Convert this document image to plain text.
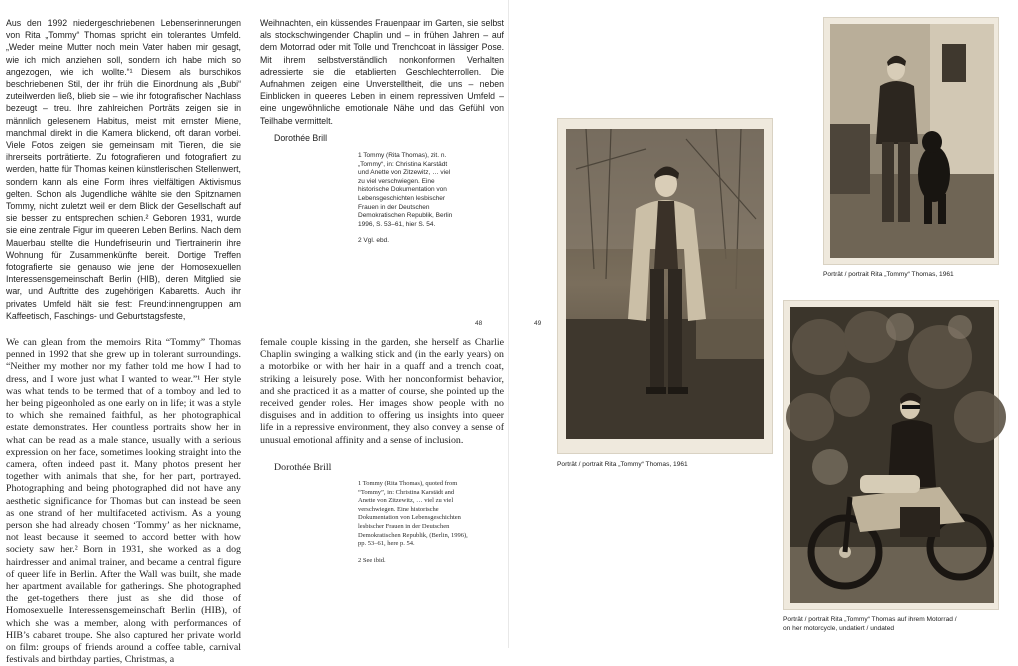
Aus den 1992 niedergeschriebenen Lebenserinnerungen von Rita „Tommy“ Thomas spricht ein tolerantes Umfeld. „Weder meine Mutter noch mein Vater haben mir gesagt, wie ich mich anziehen soll, sondern ich habe mich so angezogen, wie ich wollte.“¹ Diesem als burschikos beschriebenen Stil, der ihr früh die Einordnung als „Bubi“ zuteilwerden ließ, blieb sie – wie ihr fotografischer Nachlass bezeugt – treu. Ihre zahlreichen Porträts zeigen sie in männlich gelesenem Habitus, meist mit ernster Miene, manchmal direkt in die Kamera blickend, oft daran vorbei. Viele Fotos zeigen sie gemeinsam mit Tieren, die sie ihrerseits porträtierte. Zu fotografieren und fotografiert zu werden, hatte für Thomas keinen künstlerischen Stellenwert, sondern kann als eine Form ihres vielfältigen Aktivismus gelten. Schon als Jugendliche wählte sie den Spitznamen Tommy, nicht zuletzt weil er dem Blick der Gesellschaft auf sie besser zu entsprechen schien.² Geboren 1931, wurde sie eine zentrale Figur im queeren Leben Berlins. Nach dem Mauerbau stellte die Hundefriseurin und Tiertrainerin ihre Wohnung für Zusammenkünfte bereit. Dortige Treffen fotografierte sie genauso wie jene der Homosexuellen Interessensgemeinschaft Berlin (HIB), deren Mitglied sie war, und Auftritte des zugehörigen Kabaretts. Auch ihr privates Umfeld hält sie fest: Freund:innengruppen am Kaffeetisch, Faschings- und Geburtstagsfeste,
Weihnachten, ein küssendes Frauenpaar im Garten, sie selbst als stockschwingender Chaplin und – in frühen Jahren – auf dem Motorrad oder mit Tolle und Trenchcoat in lässiger Pose. Mit ihrem selbstverständlich nonkonformen Verhalten adressierte sie die etablierten Geschlechterrollen. Die Aufnahmen zeigen eine Unverstelltheit, die uns – neben Einblicken in queeres Leben in einem repressiven Umfeld – eine ungewöhnliche emotionale Nähe und das Gefühl von Teilhabe vermittelt.
Dorothée Brill

1 Tommy (Rita Thomas), zit. n. „Tommy“, in: Christina Karstädt und Anette von Zitzewitz, … viel zu viel verschwiegen. Eine historische Dokumentation von Lebensgeschichten lesbischer Frauen in der Deutschen Demokratischen Republik, Berlin 1996, S. 53–61, hier S. 54.

2 Vgl. ebd.

We can glean from the memoirs Rita “Tommy” Thomas penned in 1992 that she grew up in tolerant surroundings. “Neither my mother nor my father told me how I had to dress, and I wore just what I wanted to wear.”¹ Her style was what tends to be termed that of a tomboy and led to her being pigeonholed as one early on in life; it was a style to which she remained faithful, as her photographical estate demonstrates. Her countless portraits show her in what can be read as a male stance, usually with a serious expression on her face, sometimes looking straight into the camera, often indeed past it. Many photos present her together with animals that she, for her part, portrayed. Photographing and being photographed did not have any aesthetic significance for Thomas but can instead be seen as one strand of her multifaceted activism. As a young person she had already chosen ‘Tommy’ as her nickname, not least because it seemed to accord better with how society saw her.² Born in 1931, she worked as a dog hairdresser and animal trainer, and became a central figure of queer life in Berlin. After the Wall was built, she made her apartment available for gatherings. She photographed the get-togethers there just as she did those of Homosexuelle Interessensgemeinschaft Berlin (HIB), of which she was a member, along with performances of HIB’s cabaret troupe. She also captured her private world on film: groups of friends around a coffee table, carnival festivals and birthday parties, Christmas, a
female couple kissing in the garden, she herself as Charlie Chaplin swinging a walking stick and (in the early years) on a motorbike or with her hair in a quaff and a trench coat, striking a leisurely pose. With her nonconformist behavior, and she practiced it as a matter of course, she pointed up the received gender roles. Her images show people with no disguises and in addition to offering us insights into queer life in a repressive environment, they also convey a sense of unusual emotional affinity and a sense of inclusion.
Dorothée Brill

1 Tommy (Rita Thomas), quoted from “Tommy”, in: Christina Karstädt and Anette von Zitzewitz, … viel zu viel verschwiegen. Eine historische Dokumentation von Lebensgeschichten lesbischer Frauen in der Deutschen Demokratischen Republik, (Berlin, 1996), pp. 53–61, here p. 54.

2 See ibid.

48	49
Porträt / portrait Rita „Tommy“ Thomas, 1961
Porträt / portrait Rita „Tommy“ Thomas, 1961
Porträt / portrait Rita „Tommy“ Thomas auf ihrem Motorrad /
on her motorcycle, undatiert / undated
